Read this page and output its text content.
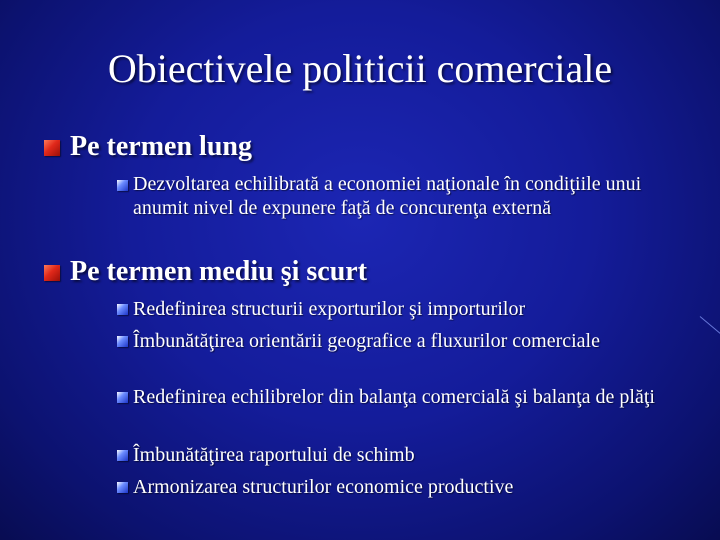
Obiectivele politicii comerciale
Pe termen lung
Dezvoltarea echilibrată a economiei naţionale în condiţiile unui anumit nivel de expunere faţă de concurenţa externă
Pe termen mediu şi scurt
Redefinirea structurii exporturilor şi importurilor
Îmbunătăţirea orientării geografice a fluxurilor comerciale
Redefinirea echilibrelor din balanţa comercială şi balanţa de plăţi
Îmbunătăţirea raportului de schimb
Armonizarea structurilor economice productive
